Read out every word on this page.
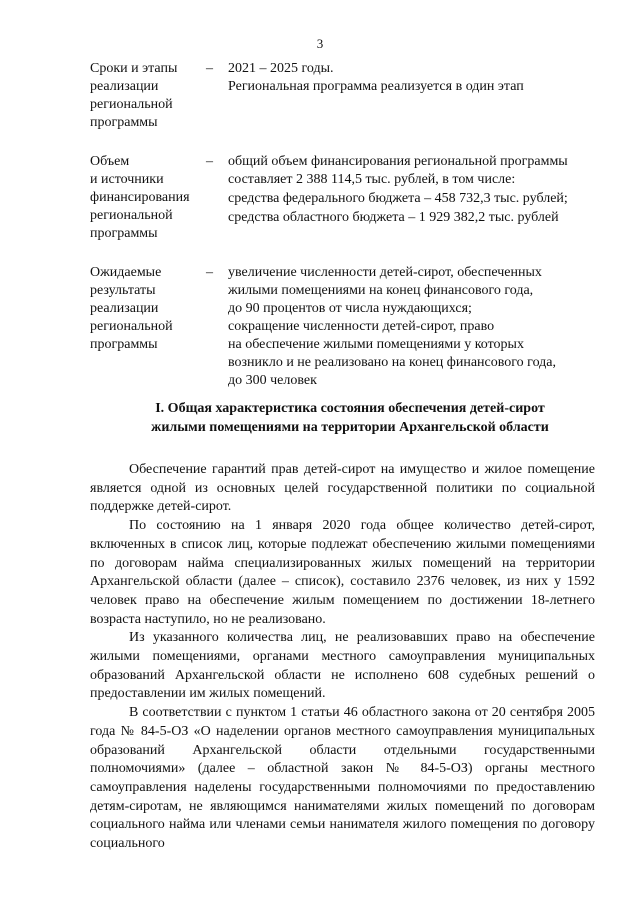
3
Сроки и этапы
реализации
региональной
программы
– 2021 – 2025 годы.

Региональная программа реализуется в один этап

Объем
и источники
финансирования
региональной
программы
– общий объем финансирования региональной программы

составляет 2 388 114,5 тыс. рублей, в том числе:

средства федерального бюджета – 458 732,3 тыс. рублей;

средства областного бюджета – 1 929 382,2 тыс. рублей

Ожидаемые
результаты
реализации
региональной
программы
– увеличение численности детей-сирот, обеспеченных

жилыми помещениями на конец финансового года,

до 90 процентов от числа нуждающихся;

сокращение численности детей-сирот, право

на обеспечение жилыми помещениями у которых

возникло и не реализовано на конец финансового года,

до 300 человек

I. Общая характеристика состояния обеспечения детей-сирот
жилыми помещениями на территории Архангельской области

Обеспечение гарантий прав детей-сирот на имущество и жилое помещение является одной из основных целей государственной политики по социальной поддержке детей-сирот.

По состоянию на 1 января 2020 года общее количество детей-сирот, включенных в список лиц, которые подлежат обеспечению жилыми помещениями по договорам найма специализированных жилых помещений на территории Архангельской области (далее – список), составило 2376 человек, из них у 1592 человек право на обеспечение жилым помещением по достижении 18-летнего возраста наступило, но не реализовано.

Из указанного количества лиц, не реализовавших право на обеспечение жилыми помещениями, органами местного самоуправления муниципальных образований Архангельской области не исполнено 608 судебных решений о предоставлении им жилых помещений.

В соответствии с пунктом 1 статьи 46 областного закона от 20 сентября 2005 года № 84-5-ОЗ «О наделении органов местного самоуправления муниципальных образований Архангельской области отдельными государственными полномочиями» (далее – областной закон № 84-5-ОЗ) органы местного самоуправления наделены государственными полномочиями по предоставлению детям-сиротам, не являющимся нанимателями жилых помещений по договорам социального найма или членами семьи нанимателя жилого помещения по договору социального
